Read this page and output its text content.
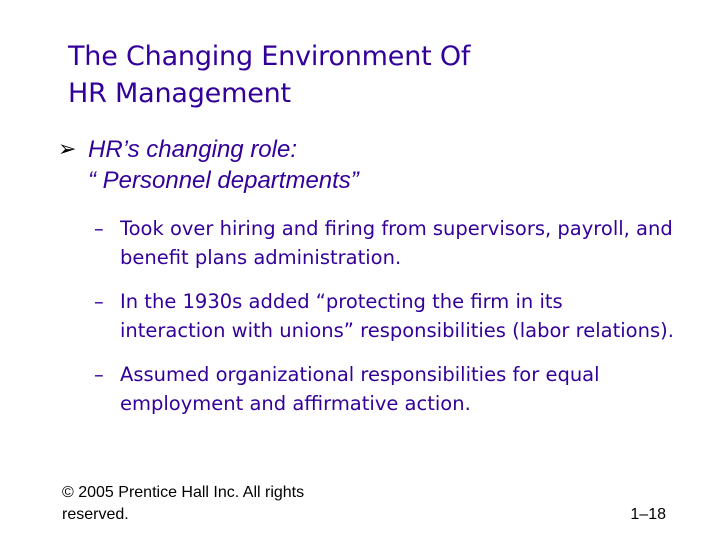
The Changing Environment Of
HR Management
➢ HR’s changing role:
“ Personnel departments”
– Took over hiring and firing from supervisors, payroll, and benefit plans administration.
– In the 1930s added “protecting the firm in its interaction with unions” responsibilities (labor relations).
– Assumed organizational responsibilities for equal employment and affirmative action.
© 2005 Prentice Hall Inc. All rights reserved.	1–18
